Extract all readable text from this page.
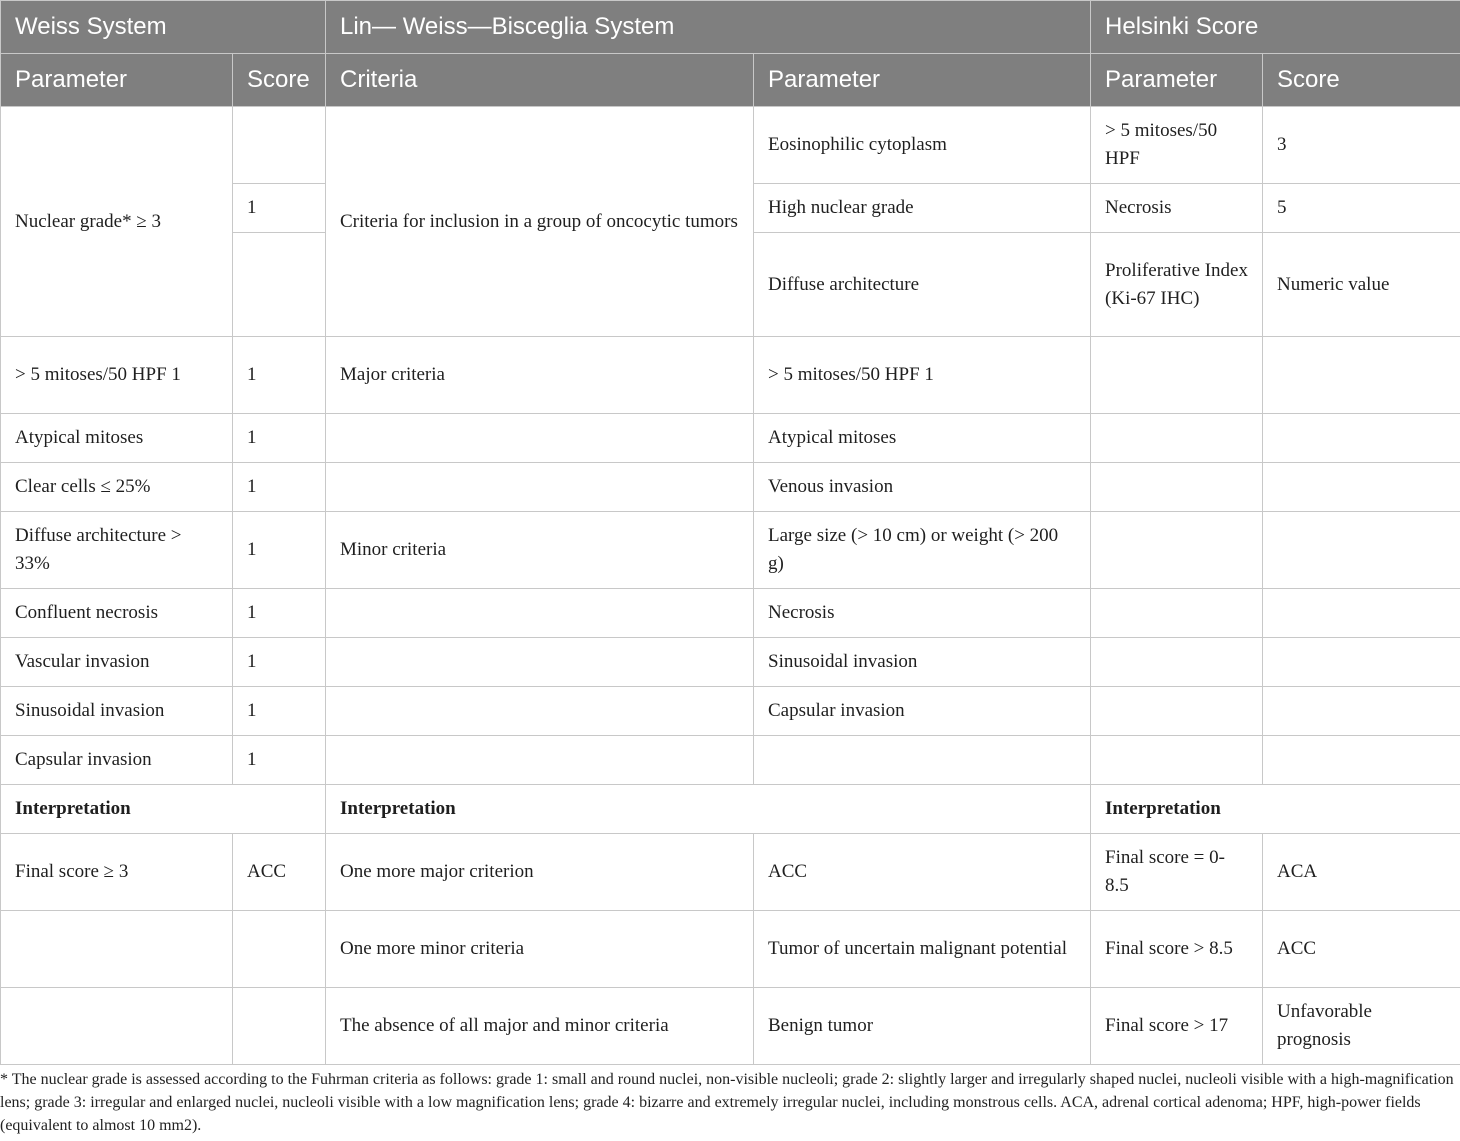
Weiss System		Lin— Weiss—Bisceglia System		Helsinki Score	
Parameter	Score	Criteria	Parameter	Parameter	Score
Nuclear grade* ≥ 3		Criteria for inclusion in a group of oncocytic tumors	Eosinophilic cytoplasm	> 5 mitoses/50 HPF	3
	1		High nuclear grade	Necrosis	5
			Diffuse architecture	Proliferative Index (Ki-67 IHC)	Numeric value
> 5 mitoses/50 HPF 1	1	Major criteria	> 5 mitoses/50 HPF 1		
Atypical mitoses	1		Atypical mitoses		
Clear cells ≤ 25%	1		Venous invasion		
Diffuse architecture > 33%	1	Minor criteria	Large size (> 10 cm) or weight (> 200 g)		
Confluent necrosis	1		Necrosis		
Vascular invasion	1		Sinusoidal invasion		
Sinusoidal invasion	1		Capsular invasion		
Capsular invasion	1				
Interpretation		Interpretation		Interpretation	
Final score ≥ 3	ACC	One more major criterion	ACC	Final score = 0-8.5	ACA
		One more minor criteria	Tumor of uncertain malignant potential	Final score > 8.5	ACC
		The absence of all major and minor criteria	Benign tumor	Final score > 17	Unfavorable prognosis
* The nuclear grade is assessed according to the Fuhrman criteria as follows: grade 1: small and round nuclei, non-visible nucleoli; grade 2: slightly larger and irregularly shaped nuclei, nucleoli visible with a high-magnification lens; grade 3: irregular and enlarged nuclei, nucleoli visible with a low magnification lens; grade 4: bizarre and extremely irregular nuclei, including monstrous cells. ACA, adrenal cortical adenoma; HPF, high-power fields (equivalent to almost 10 mm2).
